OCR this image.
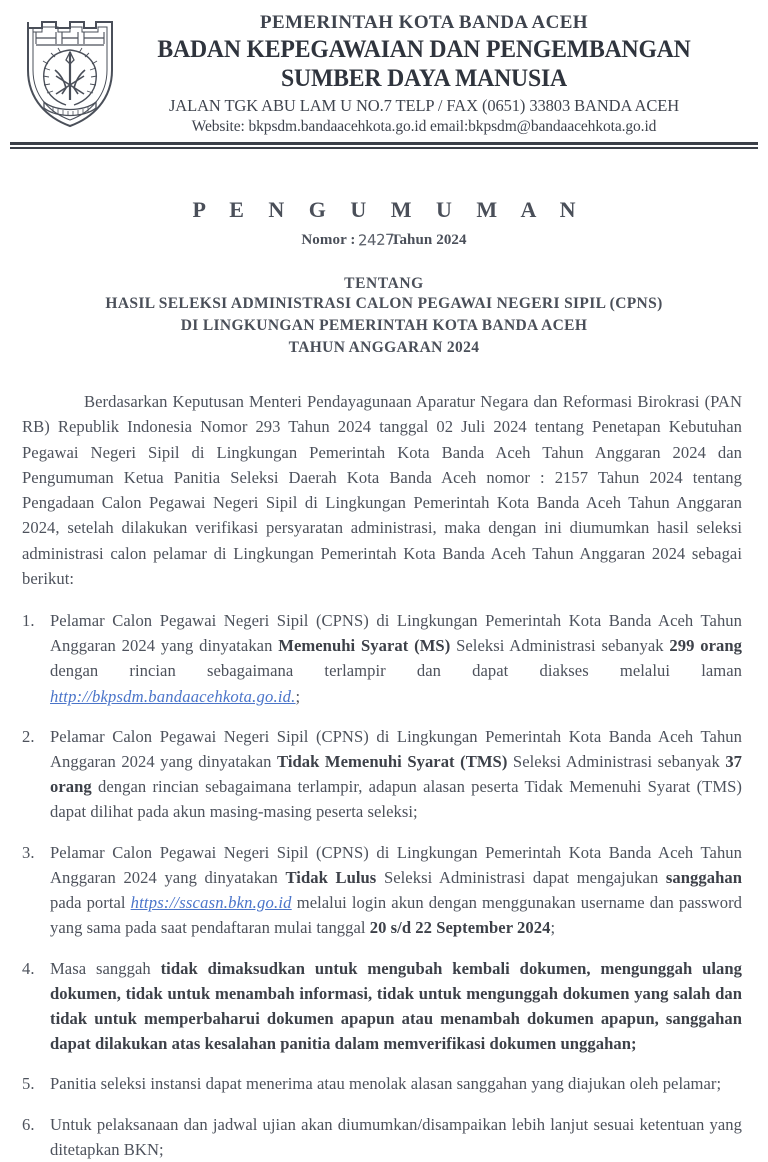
PEMERINTAH KOTA BANDA ACEH
BADAN KEPEGAWAIAN DAN PENGEMBANGAN
SUMBER DAYA MANUSIA
JALAN TGK ABU LAM U NO.7 TELP / FAX (0651) 33803 BANDA ACEH
Website: bkpsdm.bandaacehkota.go.id email:bkpsdm@bandaacehkota.go.id
P E N G U M U M A N
Nomor : 2427Tahun 2024
TENTANG
HASIL SELEKSI ADMINISTRASI CALON PEGAWAI NEGERI SIPIL (CPNS)
DI LINGKUNGAN PEMERINTAH KOTA BANDA ACEH
TAHUN ANGGARAN 2024

Berdasarkan Keputusan Menteri Pendayagunaan Aparatur Negara dan Reformasi Birokrasi (PAN RB) Republik Indonesia Nomor 293 Tahun 2024 tanggal 02 Juli 2024 tentang Penetapan Kebutuhan Pegawai Negeri Sipil di Lingkungan Pemerintah Kota Banda Aceh Tahun Anggaran 2024 dan Pengumuman Ketua Panitia Seleksi Daerah Kota Banda Aceh nomor : 2157 Tahun 2024 tentang Pengadaan Calon Pegawai Negeri Sipil di Lingkungan Pemerintah Kota Banda Aceh Tahun Anggaran 2024, setelah dilakukan verifikasi persyaratan administrasi, maka dengan ini diumumkan hasil seleksi administrasi calon pelamar di Lingkungan Pemerintah Kota Banda Aceh Tahun Anggaran 2024 sebagai berikut:

1. Pelamar Calon Pegawai Negeri Sipil (CPNS) di Lingkungan Pemerintah Kota Banda Aceh Tahun Anggaran 2024 yang dinyatakan Memenuhi Syarat (MS) Seleksi Administrasi sebanyak 299 orang dengan rincian sebagaimana terlampir dan dapat diakses melalui laman http://bkpsdm.bandaacehkota.go.id.;
2. Pelamar Calon Pegawai Negeri Sipil (CPNS) di Lingkungan Pemerintah Kota Banda Aceh Tahun Anggaran 2024 yang dinyatakan Tidak Memenuhi Syarat (TMS) Seleksi Administrasi sebanyak 37 orang dengan rincian sebagaimana terlampir, adapun alasan peserta Tidak Memenuhi Syarat (TMS) dapat dilihat pada akun masing-masing peserta seleksi;
3. Pelamar Calon Pegawai Negeri Sipil (CPNS) di Lingkungan Pemerintah Kota Banda Aceh Tahun Anggaran 2024 yang dinyatakan Tidak Lulus Seleksi Administrasi dapat mengajukan sanggahan pada portal https://sscasn.bkn.go.id melalui login akun dengan menggunakan username dan password yang sama pada saat pendaftaran mulai tanggal 20 s/d 22 September 2024;
4. Masa sanggah tidak dimaksudkan untuk mengubah kembali dokumen, mengunggah ulang dokumen, tidak untuk menambah informasi, tidak untuk mengunggah dokumen yang salah dan tidak untuk memperbaharui dokumen apapun atau menambah dokumen apapun, sanggahan dapat dilakukan atas kesalahan panitia dalam memverifikasi dokumen unggahan;
5. Panitia seleksi instansi dapat menerima atau menolak alasan sanggahan yang diajukan oleh pelamar;
6. Untuk pelaksanaan dan jadwal ujian akan diumumkan/disampaikan lebih lanjut sesuai ketentuan yang ditetapkan BKN;
